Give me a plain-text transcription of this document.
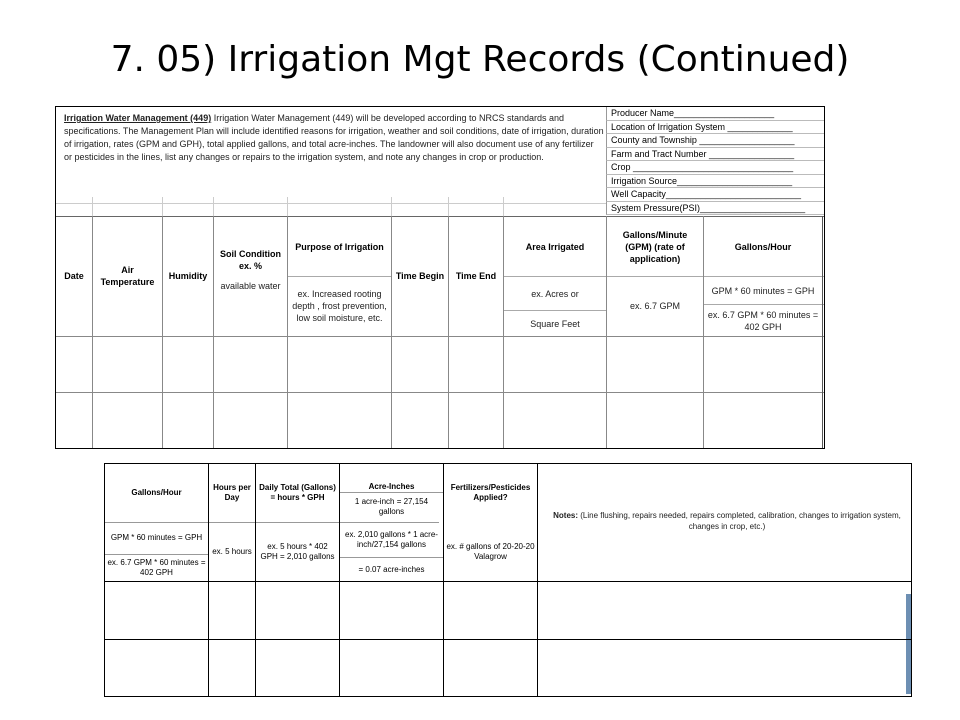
7. 05) Irrigation Mgt Records (Continued)
Irrigation Water Management (449) Irrigation Water Management (449) will be developed according to NRCS standards and specifications. The Management Plan will include identified reasons for irrigation, weather and soil conditions, date of irrigation, duration of irrigation, rates (GPM and GPH), total applied gallons, and total acre-inches. The landowner will also document use of any fertilizer or pesticides in the lines, list any changes or repairs to the irrigation system, and note any changes in crop or production.
Producer Name____________________
Location of Irrigation System _____________
County and Township ___________________
Farm and Tract Number _________________
Crop ________________________________
Irrigation Source_______________________
Well Capacity___________________________
System Pressure(PSI)_____________________
Date
Air Temperature
Humidity
Soil Condition ex. %
available water
Purpose of Irrigation
ex. Increased rooting depth , frost prevention, low soil moisture, etc.
Time Begin	Time End
Area Irrigated
ex. Acres or
Square Feet
Gallons/Minute (GPM) (rate of application)
ex. 6.7 GPM
Gallons/Hour
GPM * 60 minutes = GPH
ex. 6.7 GPM * 60 minutes = 402 GPH
Gallons/Hour
GPM * 60 minutes = GPH
ex. 6.7 GPM * 60 minutes = 402 GPH
Hours per Day
ex. 5 hours
Daily Total (Gallons) = hours * GPH
ex. 5 hours * 402 GPH = 2,010 gallons
Acre-Inches
1 acre-inch = 27,154 gallons
ex. 2,010 gallons * 1 acre-inch/27,154 gallons
= 0.07 acre-inches
Fertilizers/Pesticides Applied?
ex. # gallons of 20-20-20 Valagrow
Notes: (Line flushing, repairs needed, repairs completed, calibration, changes to irrigation system, changes in crop, etc.)
